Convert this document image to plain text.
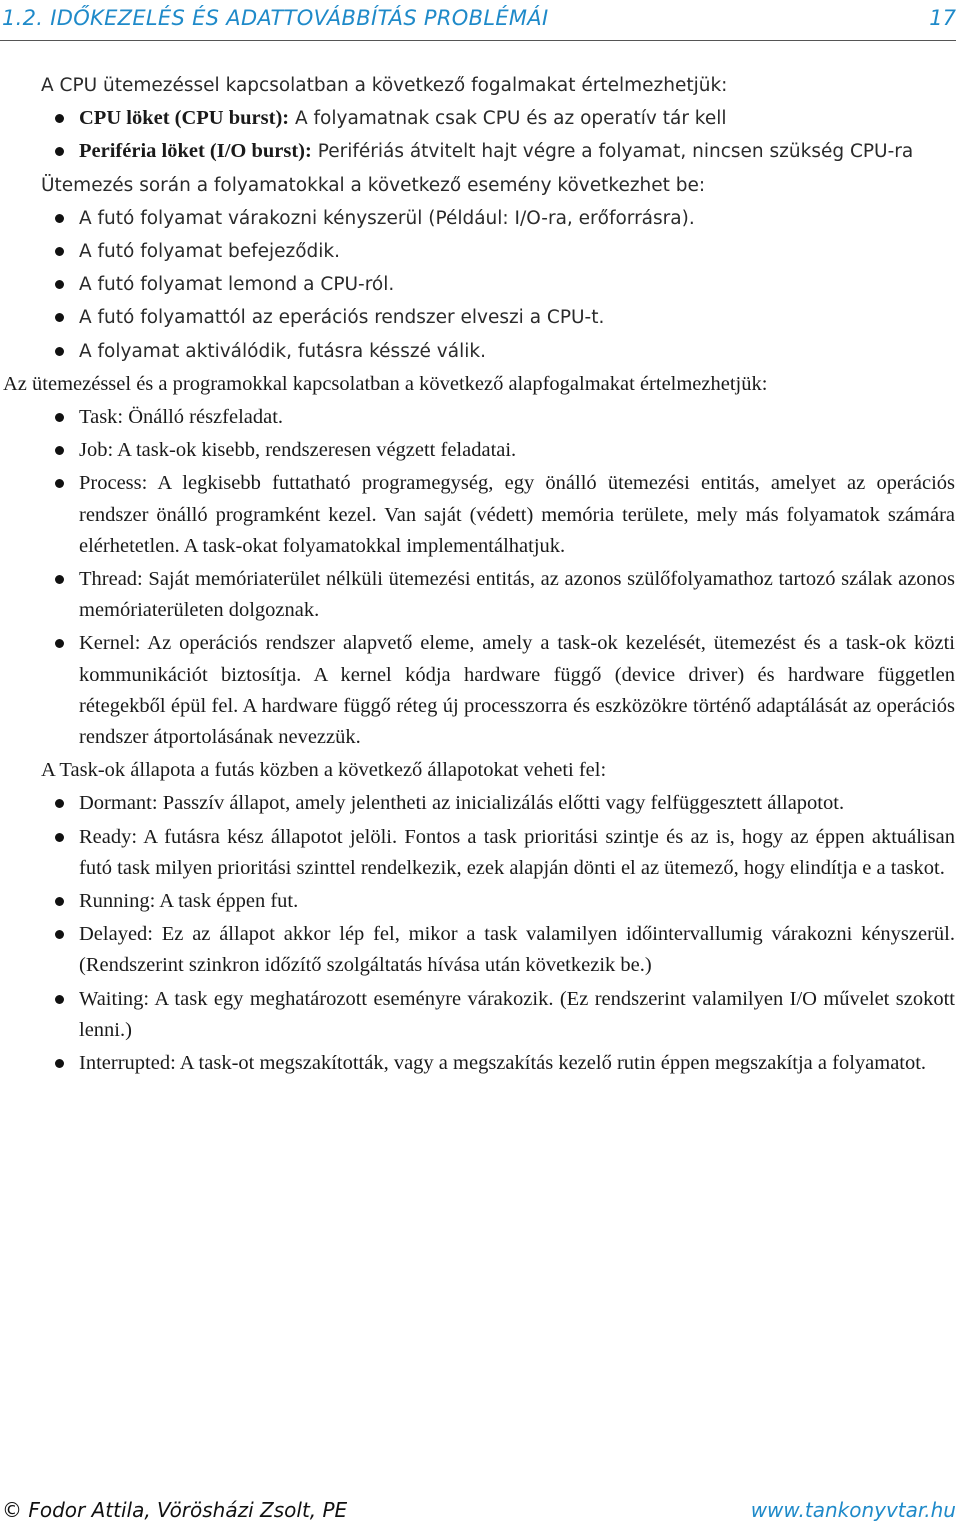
1.2. IDŐKEZELÉS ÉS ADATTOVÁBBÍTÁS PROBLÉMÁI	17

A CPU ütemezéssel kapcsolatban a következő fogalmakat értelmezhetjük:

CPU löket (CPU burst): A folyamatnak csak CPU és az operatív tár kell
Periféria löket (I/O burst): Perifériás átvitelt hajt végre a folyamat, nincsen szükség CPU-ra

Ütemezés során a folyamatokkal a következő esemény következhet be:

A futó folyamat várakozni kényszerül (Például: I/O-ra, erőforrásra).
A futó folyamat befejeződik.
A futó folyamat lemond a CPU-ról.
A futó folyamattól az eperációs rendszer elveszi a CPU-t.
A folyamat aktiválódik, futásra késszé válik.

Az ütemezéssel és a programokkal kapcsolatban a következő alapfogalmakat értelmezhetjük:

Task: Önálló részfeladat.
Job: A task-ok kisebb, rendszeresen végzett feladatai.
Process: A legkisebb futtatható programegység, egy önálló ütemezési entitás, amelyet az operációs rendszer önálló programként kezel. Van saját (védett) memória területe, mely más folyamatok számára elérhetetlen. A task-okat folyamatokkal implementálhatjuk.
Thread: Saját memóriaterület nélküli ütemezési entitás, az azonos szülőfolyamathoz tartozó szálak azonos memóriaterületen dolgoznak.
Kernel: Az operációs rendszer alapvető eleme, amely a task-ok kezelését, ütemezést és a task-ok közti kommunikációt biztosítja. A kernel kódja hardware függő (device driver) és hardware független rétegekből épül fel. A hardware függő réteg új processzorra és eszközökre történő adaptálását az operációs rendszer átportolásának nevezzük.

A Task-ok állapota a futás közben a következő állapotokat veheti fel:

Dormant: Passzív állapot, amely jelentheti az inicializálás előtti vagy felfüggesztett állapotot.
Ready: A futásra kész állapotot jelöli. Fontos a task prioritási szintje és az is, hogy az éppen aktuálisan futó task milyen prioritási szinttel rendelkezik, ezek alapján dönti el az ütemező, hogy elindítja e a taskot.
Running: A task éppen fut.
Delayed: Ez az állapot akkor lép fel, mikor a task valamilyen időintervallumig várakozni kényszerül. (Rendszerint szinkron időzítő szolgáltatás hívása után következik be.)
Waiting: A task egy meghatározott eseményre várakozik. (Ez rendszerint valamilyen I/O művelet szokott lenni.)
Interrupted: A task-ot megszakították, vagy a megszakítás kezelő rutin éppen megszakítja a folyamatot.
© Fodor Attila, Vörösházi Zsolt, PE	www.tankonyvtar.hu
